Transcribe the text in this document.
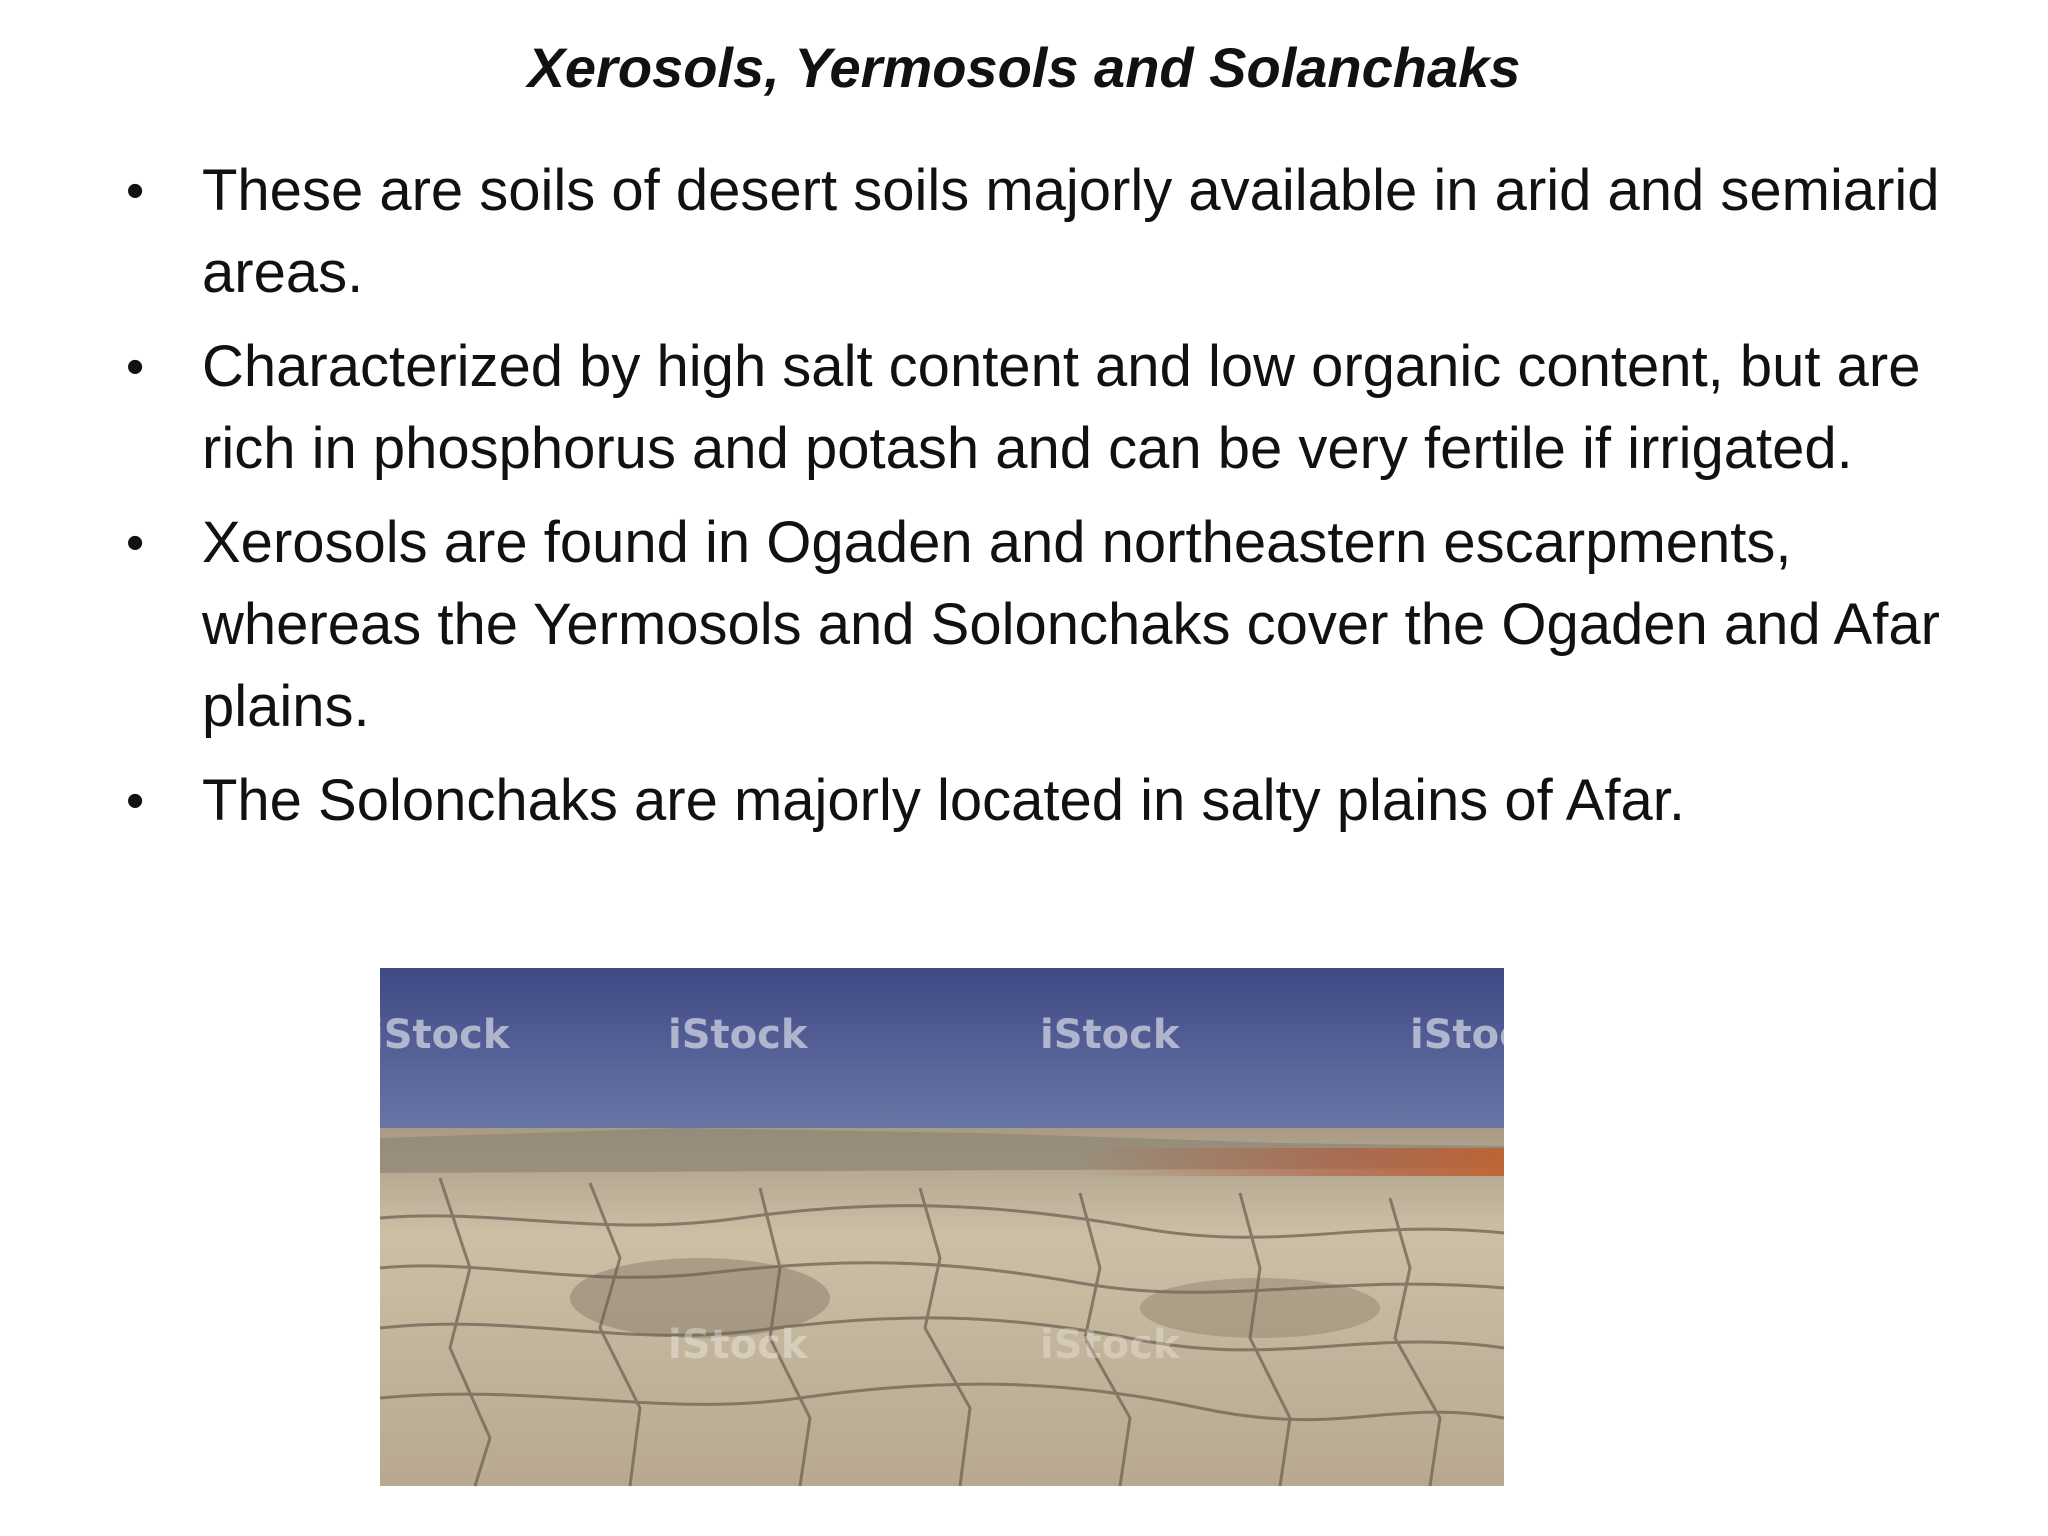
Xerosols, Yermosols and Solanchaks
• These are soils of desert soils majorly available in arid and semiarid areas.
• Characterized by high salt content and low organic content, but are rich in phosphorus and potash and can be very fertile if irrigated.
• Xerosols are found in Ogaden and northeastern escarpments, whereas the Yermosols and Solonchaks cover the Ogaden and Afar plains.
• The Solonchaks are majorly located in salty plains of Afar.
iStock	iStock	iStock	iStock
iStock	iStock
